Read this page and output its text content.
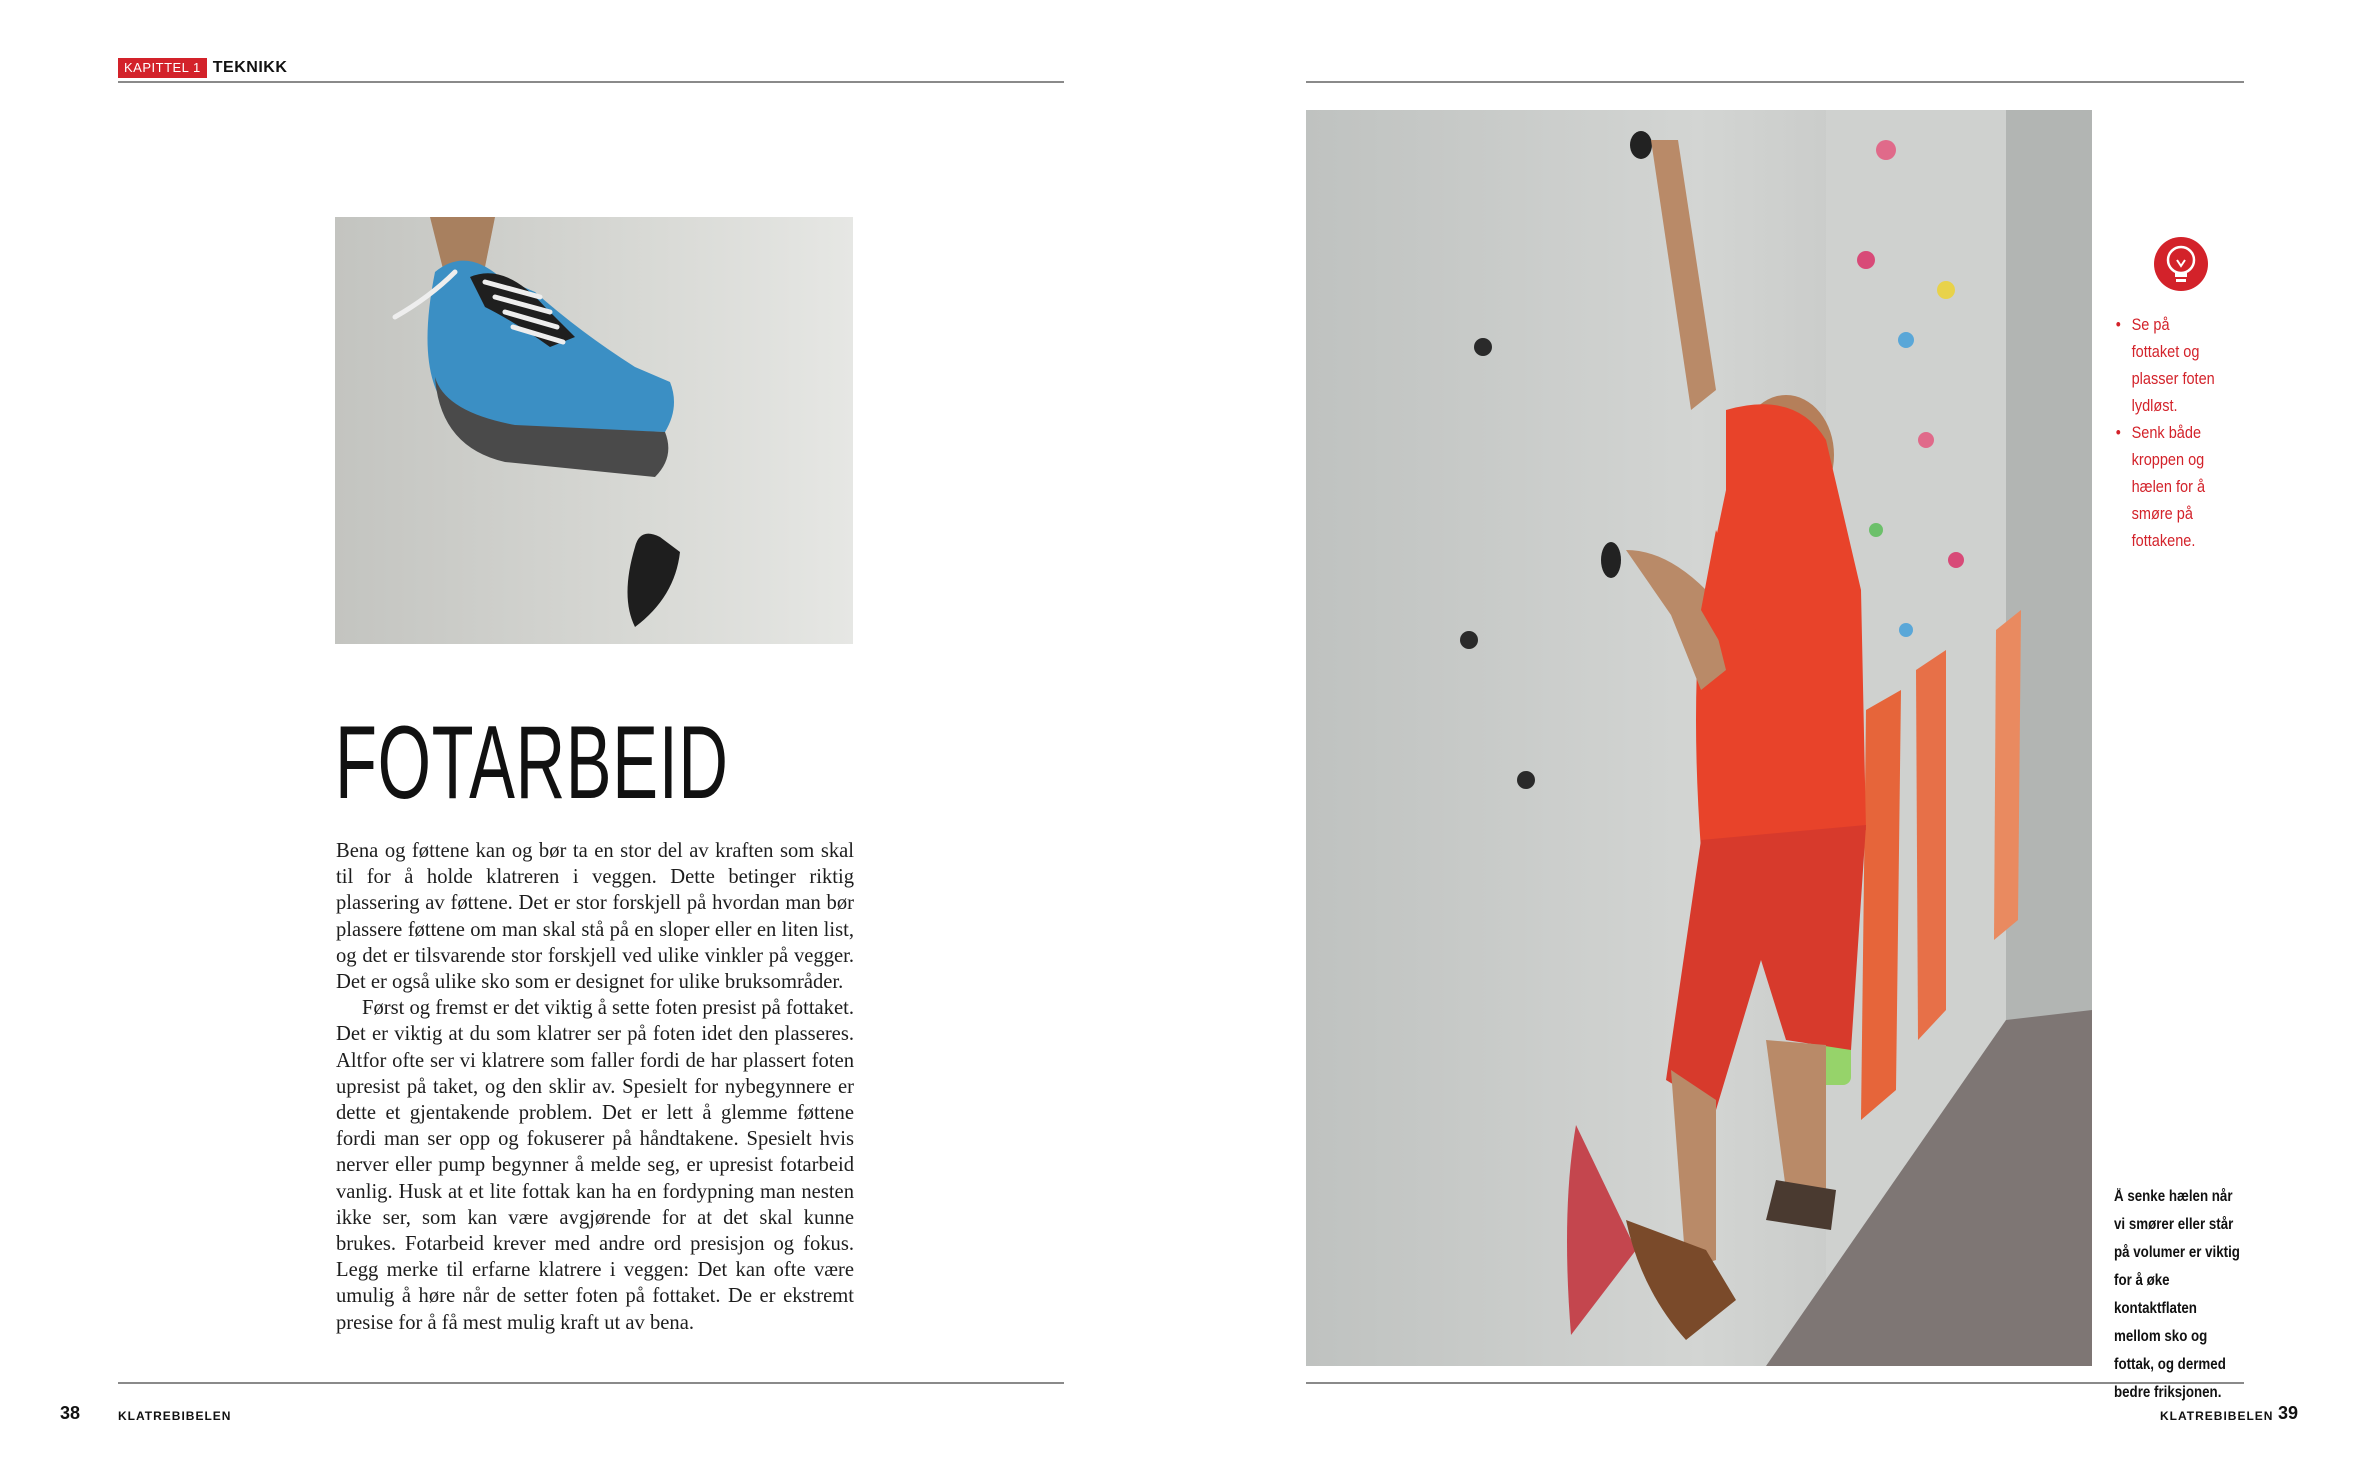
KAPITTEL 1 TEKNIKK
FOTARBEID

Bena og føttene kan og bør ta en stor del av kraften som skal til for å holde klatreren i veggen. Dette betinger riktig plassering av føttene. Det er stor forskjell på hvordan man bør plassere føttene om man skal stå på en sloper eller en liten list, og det er tilsvarende stor forskjell ved ulike vinkler på vegger. Det er også ulike sko som er designet for ulike bruksområder.

Først og fremst er det viktig å sette foten presist på fottaket. Det er viktig at du som klatrer ser på foten idet den plasseres. Altfor ofte ser vi klatrere som faller fordi de har plassert foten upresist på taket, og den sklir av. Spesielt for nybegynnere er dette et gjentakende problem. Det er lett å glemme føttene fordi man ser opp og fokuserer på håndtakene. Spesielt hvis nerver eller pump begynner å melde seg, er upresist fotarbeid vanlig. Husk at et lite fottak kan ha en fordypning man nesten ikke ser, som kan være avgjørende for at det skal kunne brukes. Fotarbeid krever med andre ord presisjon og fokus. Legg merke til erfarne klatrere i veggen: Det kan ofte være umulig å høre når de setter foten på fottaket. De er ekstremt presise for å få mest mulig kraft ut av bena.

• Se på fottaket og plasser foten lydløst.
• Senk både kroppen og hælen for å smøre på fottakene.
Å senke hælen når vi smører eller står på volumer er viktig for å øke kontaktflaten mellom sko og fottak, og dermed bedre friksjonen.
38	KLATREBIBELEN	KLATREBIBELEN 39
